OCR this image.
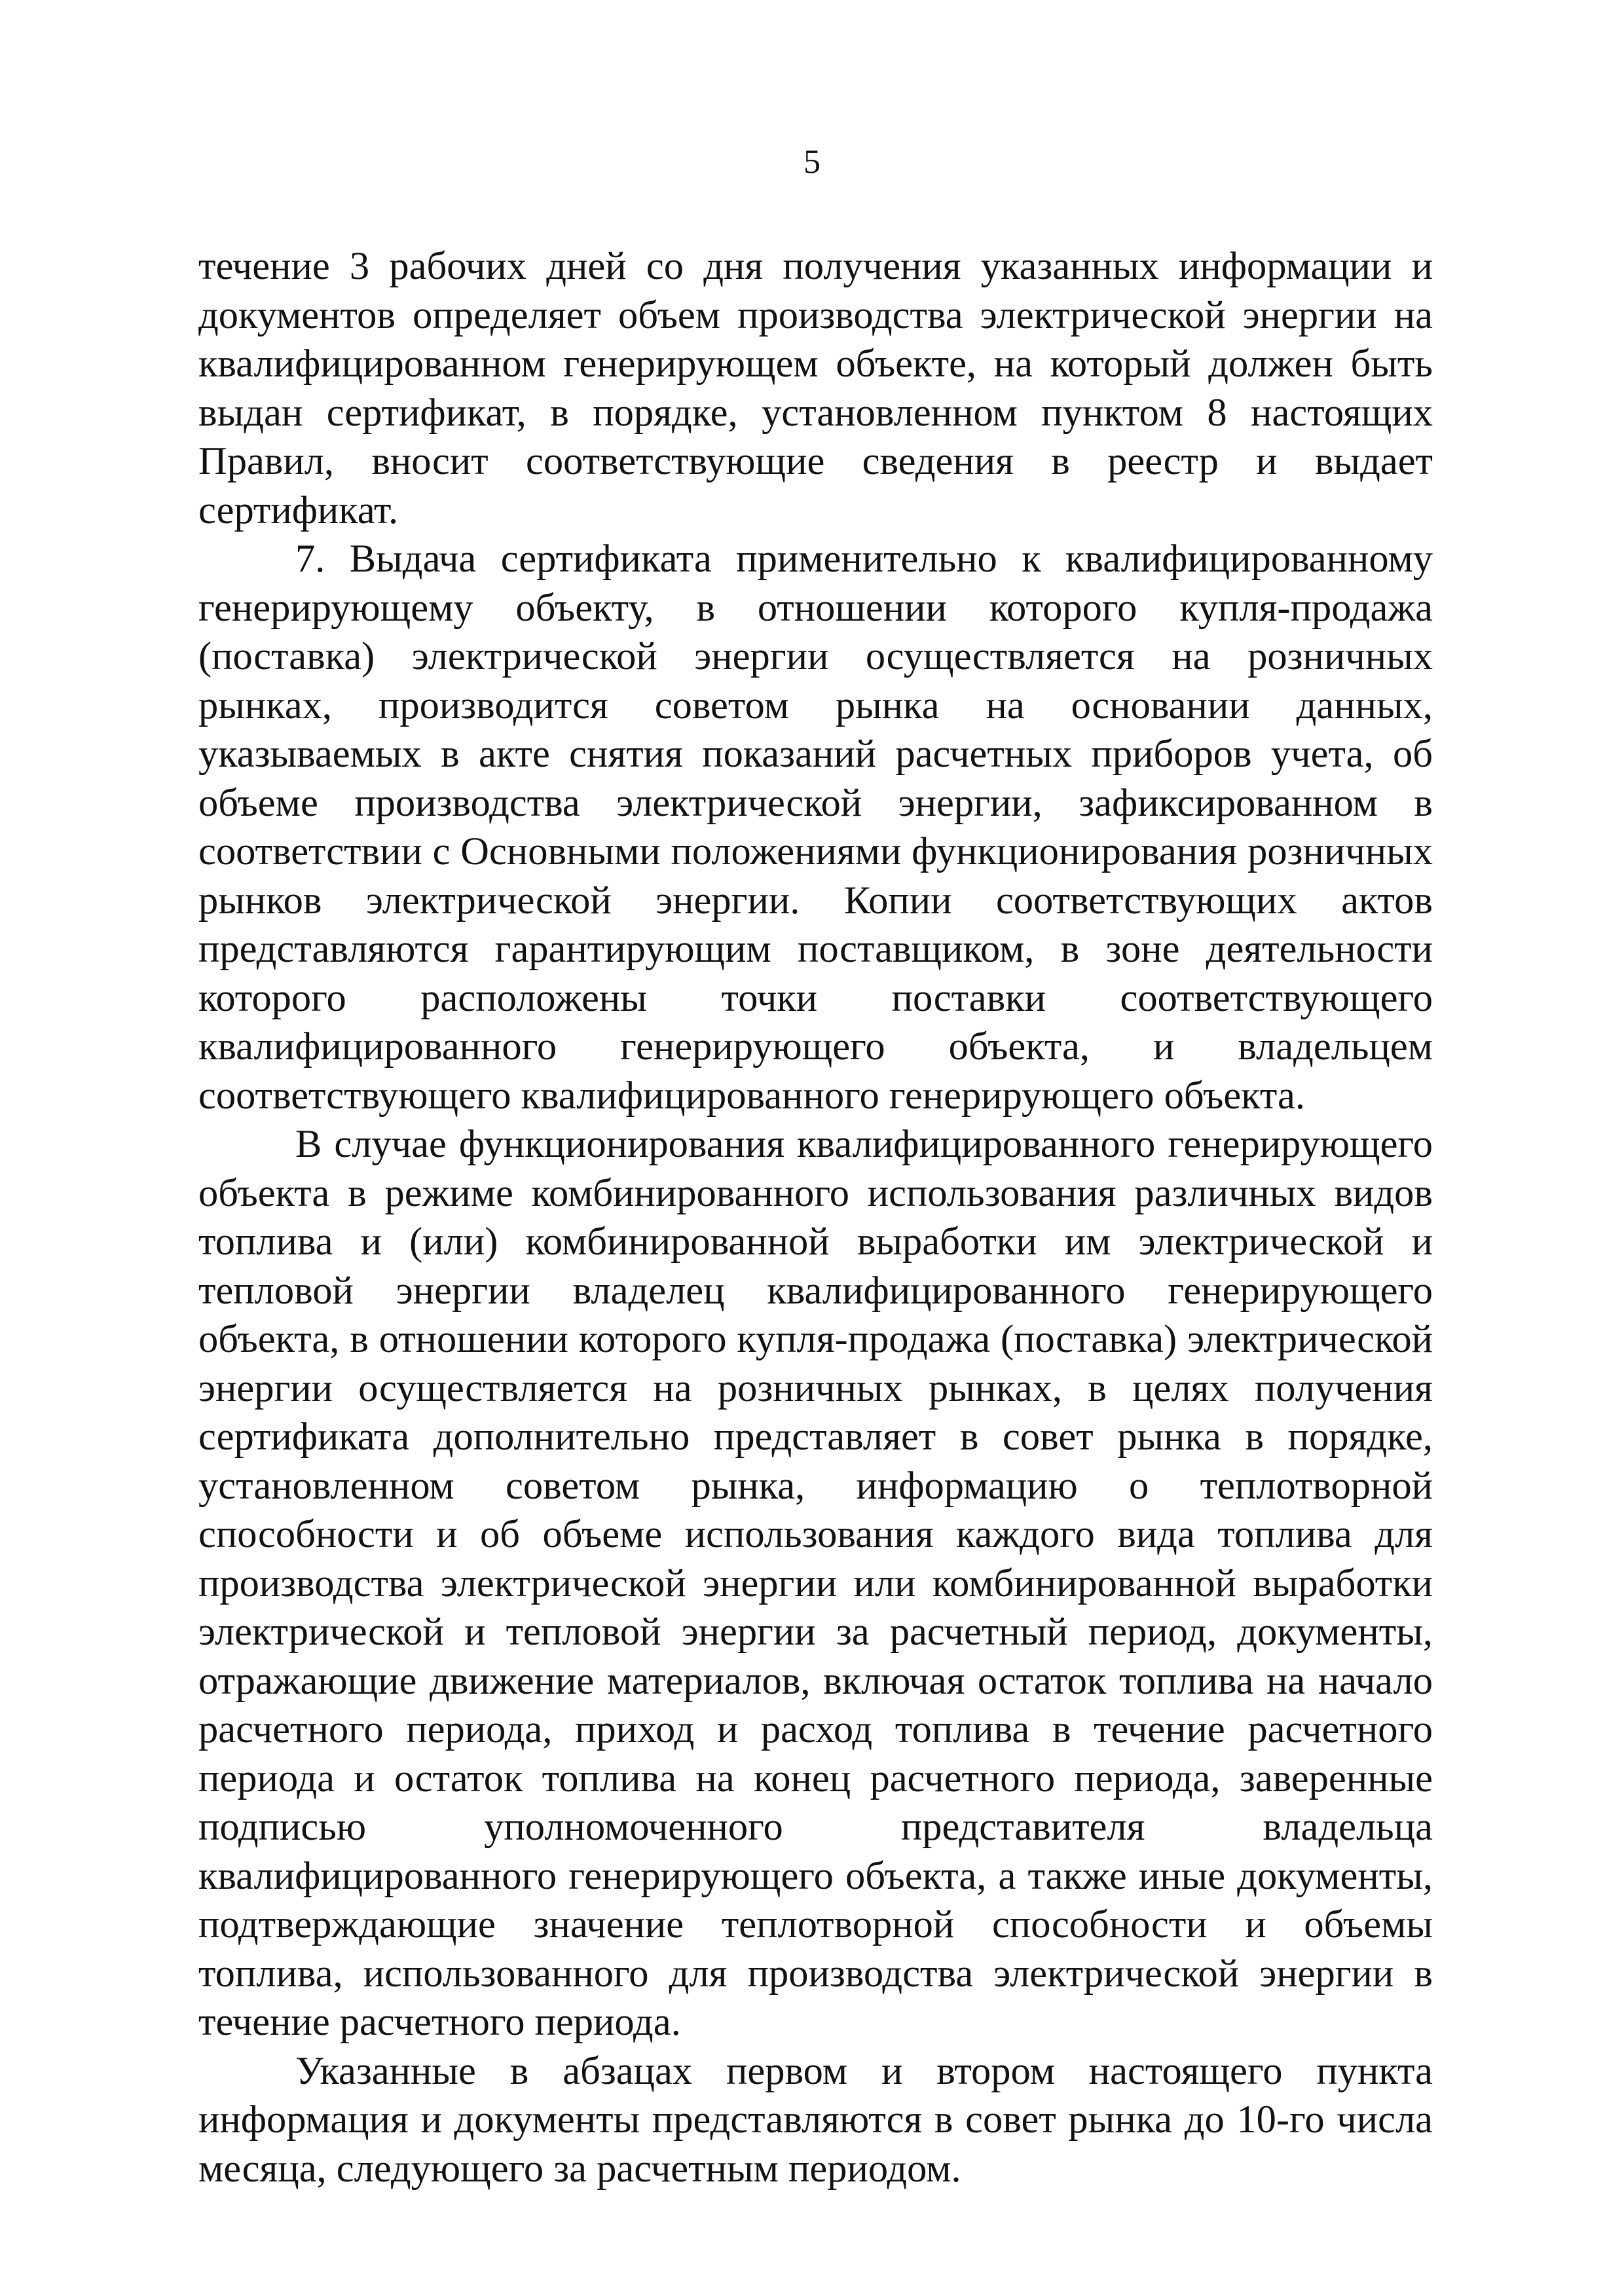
5

течение 3 рабочих дней со дня получения указанных информации и документов определяет объем производства электрической энергии на квалифицированном генерирующем объекте, на который должен быть выдан сертификат, в порядке, установленном пунктом 8 настоящих Правил, вносит соответствующие сведения в реестр и выдает сертификат.

7. Выдача сертификата применительно к квалифицированному генерирующему объекту, в отношении которого купля-продажа (поставка) электрической энергии осуществляется на розничных рынках, производится советом рынка на основании данных, указываемых в акте снятия показаний расчетных приборов учета, об объеме производства электрической энергии, зафиксированном в соответствии с Основными положениями функционирования розничных рынков электрической энергии. Копии соответствующих актов представляются гарантирующим поставщиком, в зоне деятельности которого расположены точки поставки соответствующего квалифицированного генерирующего объекта, и владельцем соответствующего квалифицированного генерирующего объекта.

В случае функционирования квалифицированного генерирующего объекта в режиме комбинированного использования различных видов топлива и (или) комбинированной выработки им электрической и тепловой энергии владелец квалифицированного генерирующего объекта, в отношении которого купля-продажа (поставка) электрической энергии осуществляется на розничных рынках, в целях получения сертификата дополнительно представляет в совет рынка в порядке, установленном советом рынка, информацию о теплотворной способности и об объеме использования каждого вида топлива для производства электрической энергии или комбинированной выработки электрической и тепловой энергии за расчетный период, документы, отражающие движение материалов, включая остаток топлива на начало расчетного периода, приход и расход топлива в течение расчетного периода и остаток топлива на конец расчетного периода, заверенные подписью уполномоченного представителя владельца квалифицированного генерирующего объекта, а также иные документы, подтверждающие значение теплотворной способности и объемы топлива, использованного для производства электрической энергии в течение расчетного периода.

Указанные в абзацах первом и втором настоящего пункта информация и документы представляются в совет рынка до 10-го числа месяца, следующего за расчетным периодом.
